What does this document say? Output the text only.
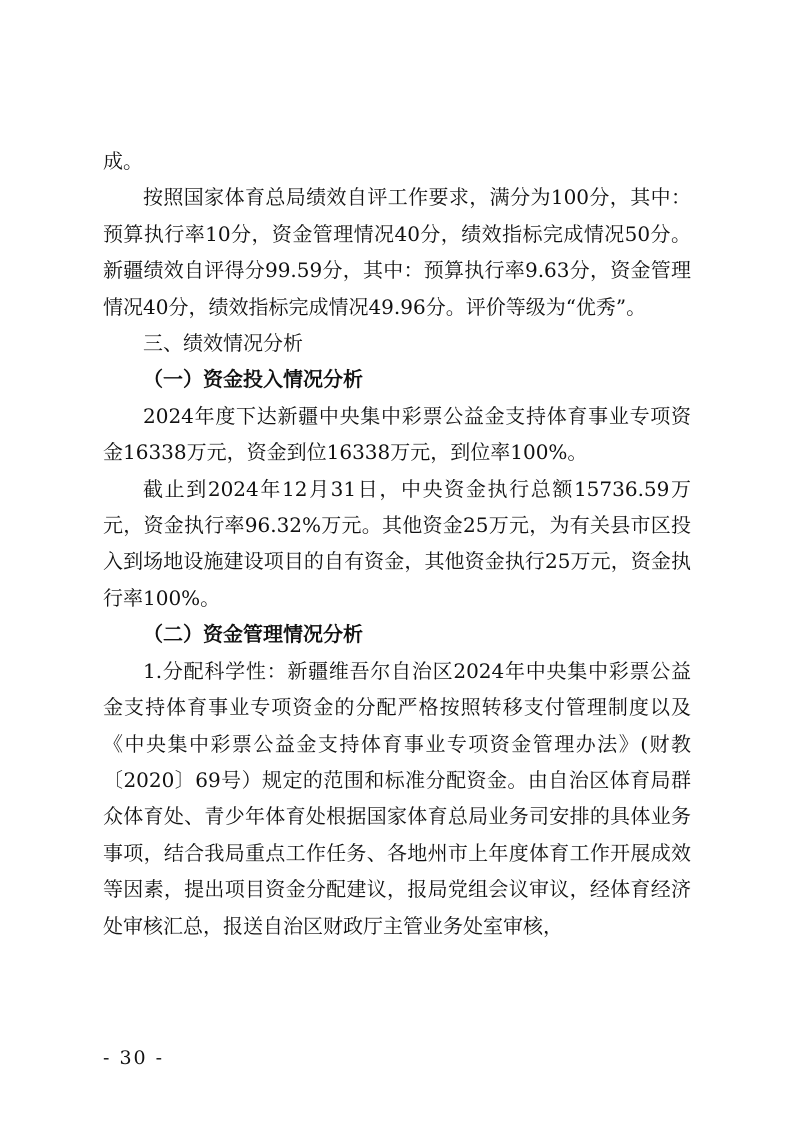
成。

按照国家体育总局绩效自评工作要求，满分为100分，其中：预算执行率10分，资金管理情况40分，绩效指标完成情况50分。新疆绩效自评得分99.59分，其中：预算执行率9.63分，资金管理情况40分，绩效指标完成情况49.96分。评价等级为“优秀”。

三、绩效情况分析

（一）资金投入情况分析

2024年度下达新疆中央集中彩票公益金支持体育事业专项资金16338万元，资金到位16338万元，到位率100%。

截止到2024年12月31日，中央资金执行总额15736.59万元，资金执行率96.32%万元。其他资金25万元，为有关县市区投入到场地设施建设项目的自有资金，其他资金执行25万元，资金执行率100%。

（二）资金管理情况分析

1.分配科学性：新疆维吾尔自治区2024年中央集中彩票公益金支持体育事业专项资金的分配严格按照转移支付管理制度以及《中央集中彩票公益金支持体育事业专项资金管理办法》(财教〔2020〕69号）规定的范围和标准分配资金。由自治区体育局群众体育处、青少年体育处根据国家体育总局业务司安排的具体业务事项，结合我局重点工作任务、各地州市上年度体育工作开展成效等因素，提出项目资金分配建议，报局党组会议审议，经体育经济处审核汇总，报送自治区财政厅主管业务处室审核，

- 30 -
